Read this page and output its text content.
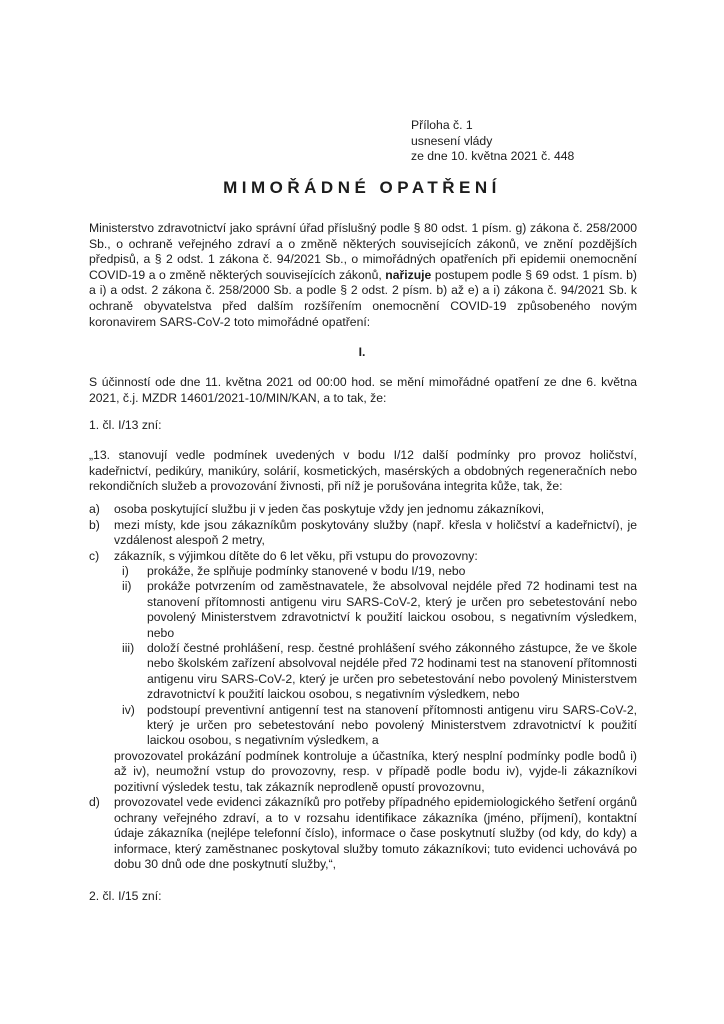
Příloha č. 1
usnesení vlády
ze dne 10. května 2021 č. 448
MIMOŘÁDNÉ OPATŘENÍ
Ministerstvo zdravotnictví jako správní úřad příslušný podle § 80 odst. 1 písm. g) zákona č. 258/2000 Sb., o ochraně veřejného zdraví a o změně některých souvisejících zákonů, ve znění pozdějších předpisů, a § 2 odst. 1 zákona č. 94/2021 Sb., o mimořádných opatřeních při epidemii onemocnění COVID-19 a o změně některých souvisejících zákonů, nařizuje postupem podle § 69 odst. 1 písm. b) a i) a odst. 2 zákona č. 258/2000 Sb. a podle § 2 odst. 2 písm. b) až e) a i) zákona č. 94/2021 Sb. k ochraně obyvatelstva před dalším rozšířením onemocnění COVID-19 způsobeného novým koronavirem SARS-CoV-2 toto mimořádné opatření:
I.
S účinností ode dne 11. května 2021 od 00:00 hod. se mění mimořádné opatření ze dne 6. května 2021, č.j. MZDR 14601/2021-10/MIN/KAN, a to tak, že:
1. čl. I/13 zní:
„13. stanovují vedle podmínek uvedených v bodu I/12 další podmínky pro provoz holičství, kadeřnictví, pedikúry, manikúry, solárií, kosmetických, masérských a obdobných regeneračních nebo rekondičních služeb a provozování živnosti, při níž je porušována integrita kůže, tak, že:
a) osoba poskytující službu ji v jeden čas poskytuje vždy jen jednomu zákazníkovi,
b) mezi místy, kde jsou zákazníkům poskytovány služby (např. křesla v holičství a kadeřnictví), je vzdálenost alespoň 2 metry,
c) zákazník, s výjimkou dítěte do 6 let věku, při vstupu do provozovny:
i) prokáže, že splňuje podmínky stanovené v bodu I/19, nebo
ii) prokáže potvrzením od zaměstnavatele, že absolvoval nejdéle před 72 hodinami test na stanovení přítomnosti antigenu viru SARS-CoV-2, který je určen pro sebetestování nebo povolený Ministerstvem zdravotnictví k použití laickou osobou, s negativním výsledkem, nebo
iii) doloží čestné prohlášení, resp. čestné prohlášení svého zákonného zástupce, že ve škole nebo školském zařízení absolvoval nejdéle před 72 hodinami test na stanovení přítomnosti antigenu viru SARS-CoV-2, který je určen pro sebetestování nebo povolený Ministerstvem zdravotnictví k použití laickou osobou, s negativním výsledkem, nebo
iv) podstoupí preventivní antigenní test na stanovení přítomnosti antigenu viru SARS-CoV-2, který je určen pro sebetestování nebo povolený Ministerstvem zdravotnictví k použití laickou osobou, s negativním výsledkem, a
provozovatel prokázání podmínek kontroluje a účastníka, který nesplní podmínky podle bodů i) až iv), neumožní vstup do provozovny, resp. v případě podle bodu iv), vyjde-li zákazníkovi pozitivní výsledek testu, tak zákazník neprodleně opustí provozovnu,
d) provozovatel vede evidenci zákazníků pro potřeby případného epidemiologického šetření orgánů ochrany veřejného zdraví, a to v rozsahu identifikace zákazníka (jméno, příjmení), kontaktní údaje zákazníka (nejlépe telefonní číslo), informace o čase poskytnutí služby (od kdy, do kdy) a informace, který zaměstnanec poskytoval služby tomuto zákazníkovi; tuto evidenci uchovává po dobu 30 dnů ode dne poskytnutí služby,“,
2. čl. I/15 zní:
